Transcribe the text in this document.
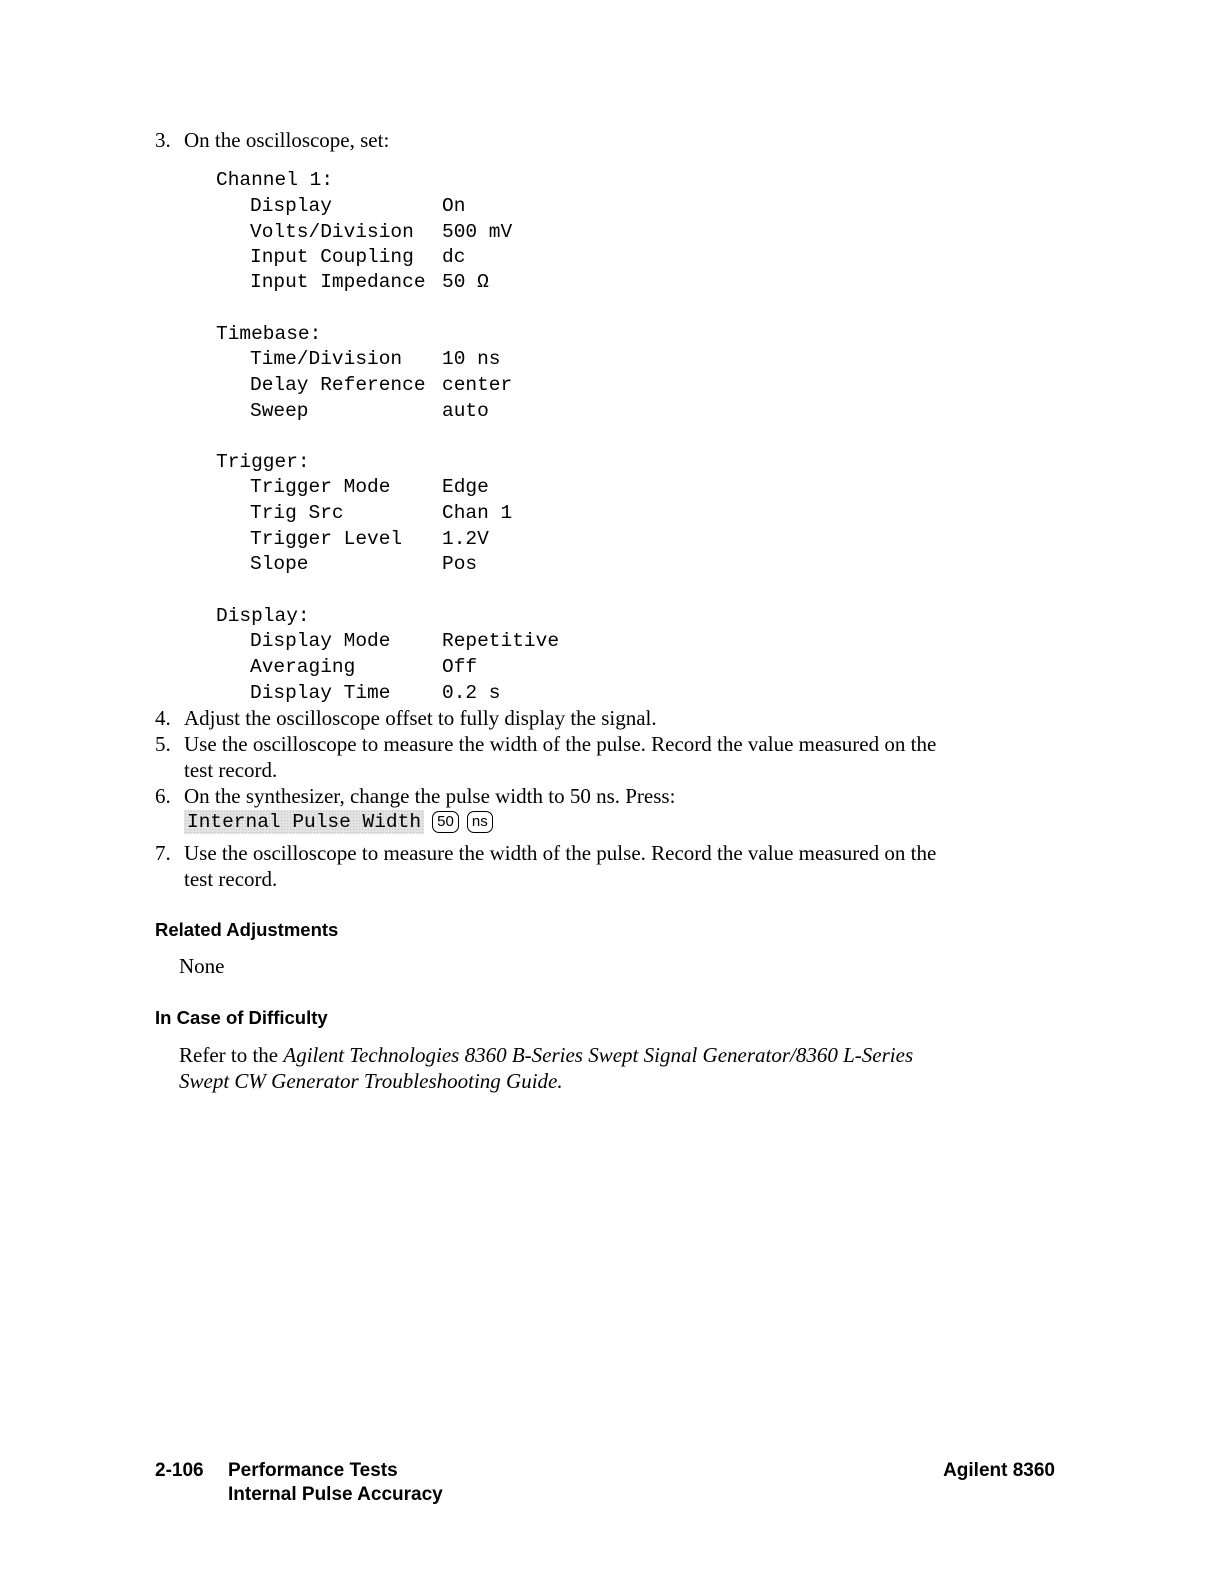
3. On the oscilloscope, set:
Channel 1:
Display	On
Volts/Division 500 mV
Input Coupling dc
Input Impedance 50 Ω
Timebase:
Time/Division 10 ns
Delay Reference center
Sweep	auto
Trigger:
Trigger Mode	Edge
Trig Src	Chan 1
Trigger Level 1.2V
Slope	Pos
Display:
Display Mode	Repetitive
Averaging	Off
Display Time	0.2 s
4. Adjust the oscilloscope offset to fully display the signal.
5. Use the oscilloscope to measure the width of the pulse. Record the value measured on the
test record.
6. On the synthesizer, change the pulse width to 50 ns. Press:
Internal Pulse Width 50 ns
7. Use the oscilloscope to measure the width of the pulse. Record the value measured on the
test record.
Related Adjustments
None
In Case of Difficulty
Refer to the Agilent Technologies 8360 B-Series Swept Signal Generator/8360 L-Series
Swept CW Generator Troubleshooting Guide.
2-106 Performance Tests
Internal Pulse Accuracy
Agilent 8360
